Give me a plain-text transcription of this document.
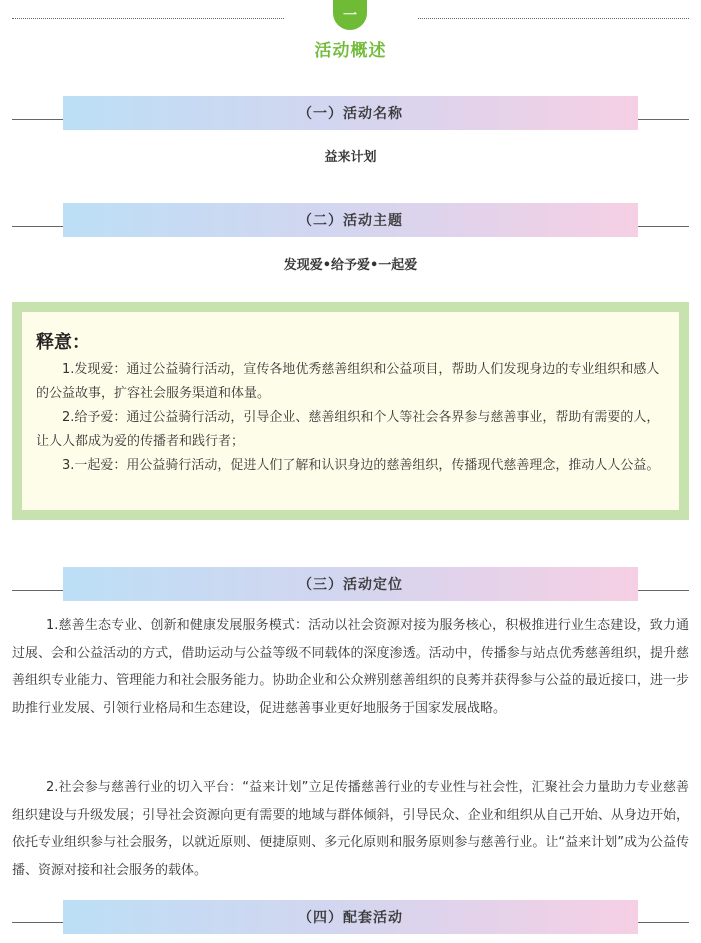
一
活动概述
（一）活动名称
益来计划
（二）活动主题
发现爱•给予爱•一起爱
释意：

1.发现爱：通过公益骑行活动，宣传各地优秀慈善组织和公益项目，帮助人们发现身边的专业组织和感人的公益故事，扩容社会服务渠道和体量。

2.给予爱：通过公益骑行活动，引导企业、慈善组织和个人等社会各界参与慈善事业，帮助有需要的人，让人人都成为爱的传播者和践行者；

3.一起爱：用公益骑行活动，促进人们了解和认识身边的慈善组织，传播现代慈善理念，推动人人公益。

（三）活动定位

1.慈善生态专业、创新和健康发展服务模式：活动以社会资源对接为服务核心，积极推进行业生态建设，致力通过展、会和公益活动的方式，借助运动与公益等级不同载体的深度渗透。活动中，传播参与站点优秀慈善组织，提升慈善组织专业能力、管理能力和社会服务能力。协助企业和公众辨别慈善组织的良莠并获得参与公益的最近接口，进一步助推行业发展、引领行业格局和生态建设，促进慈善事业更好地服务于国家发展战略。

2.社会参与慈善行业的切入平台：“益来计划”立足传播慈善行业的专业性与社会性，汇聚社会力量助力专业慈善组织建设与升级发展；引导社会资源向更有需要的地域与群体倾斜，引导民众、企业和组织从自己开始、从身边开始，依托专业组织参与社会服务，以就近原则、便捷原则、多元化原则和服务原则参与慈善行业。让“益来计划”成为公益传播、资源对接和社会服务的载体。

（四）配套活动
